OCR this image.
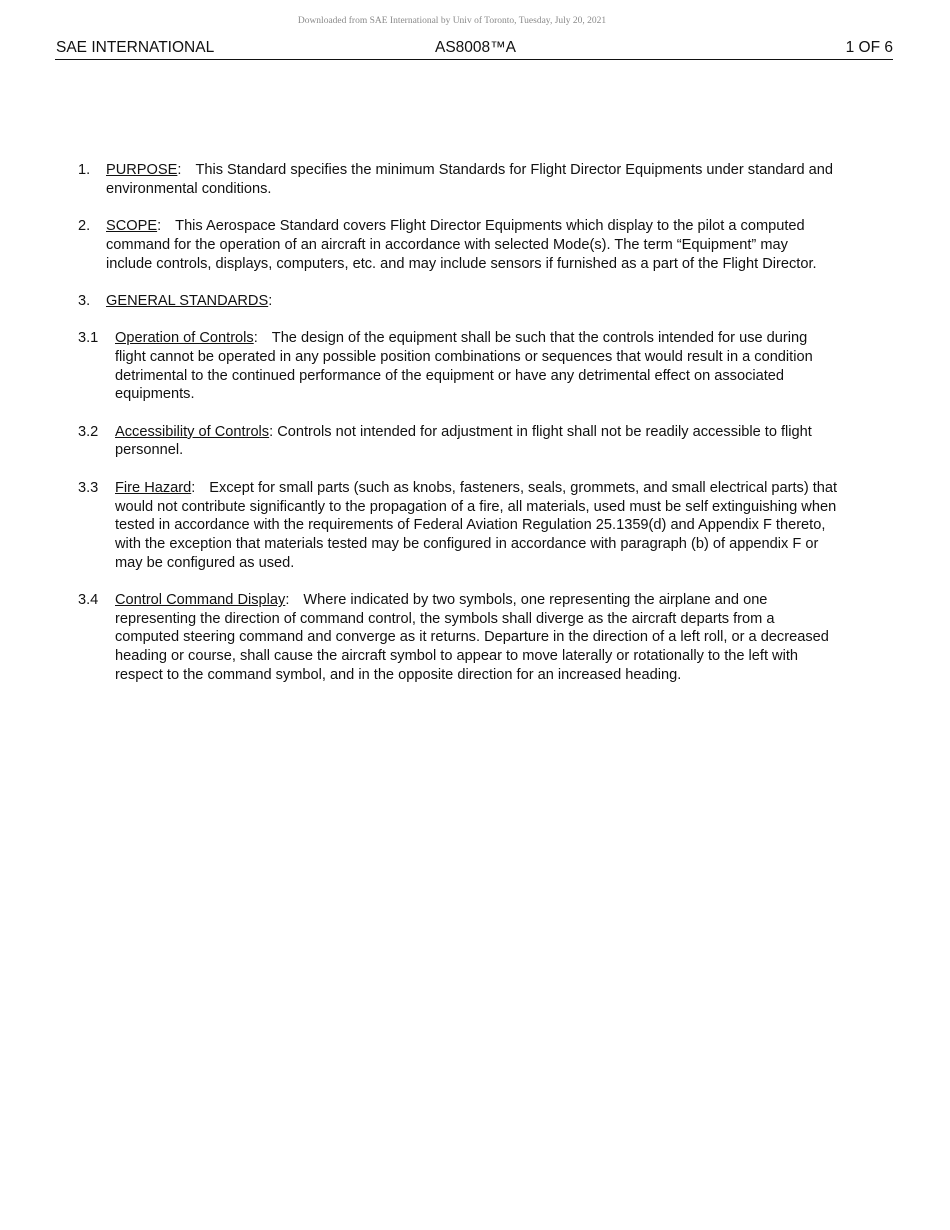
Downloaded from SAE International by Univ of Toronto, Tuesday, July 20, 2021
SAE INTERNATIONAL	AS8008™A	1 OF 6
1. PURPOSE: This Standard specifies the minimum Standards for Flight Director Equipments under standard and environmental conditions.
2. SCOPE: This Aerospace Standard covers Flight Director Equipments which display to the pilot a computed command for the operation of an aircraft in accordance with selected Mode(s). The term “Equipment” may include controls, displays, computers, etc. and may include sensors if furnished as a part of the Flight Director.
3. GENERAL STANDARDS:
3.1 Operation of Controls: The design of the equipment shall be such that the controls intended for use during flight cannot be operated in any possible position combinations or sequences that would result in a condition detrimental to the continued performance of the equipment or have any detrimental effect on associated equipments.
3.2 Accessibility of Controls: Controls not intended for adjustment in flight shall not be readily accessible to flight personnel.
3.3 Fire Hazard: Except for small parts (such as knobs, fasteners, seals, grommets, and small electrical parts) that would not contribute significantly to the propagation of a fire, all materials, used must be self extinguishing when tested in accordance with the requirements of Federal Aviation Regulation 25.1359(d) and Appendix F thereto, with the exception that materials tested may be configured in accordance with paragraph (b) of appendix F or may be configured as used.
3.4 Control Command Display: Where indicated by two symbols, one representing the airplane and one representing the direction of command control, the symbols shall diverge as the aircraft departs from a computed steering command and converge as it returns. Departure in the direction of a left roll, or a decreased heading or course, shall cause the aircraft symbol to appear to move laterally or rotationally to the left with respect to the command symbol, and in the opposite direction for an increased heading.
